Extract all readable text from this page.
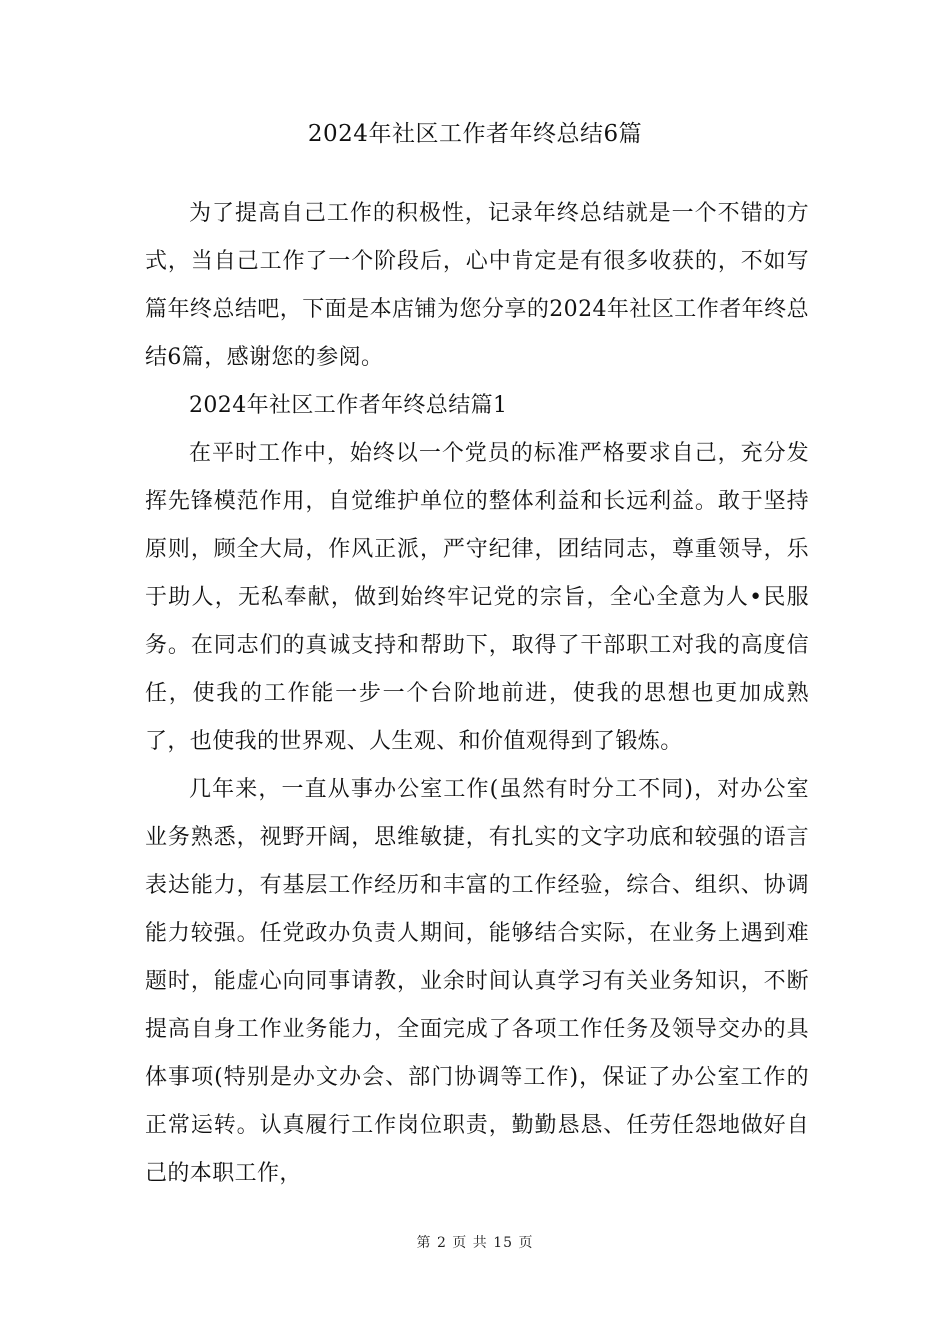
2024年社区工作者年终总结6篇

为了提高自己工作的积极性，记录年终总结就是一个不错的方式，当自己工作了一个阶段后，心中肯定是有很多收获的，不如写篇年终总结吧，下面是本店铺为您分享的2024年社区工作者年终总结6篇，感谢您的参阅。

2024年社区工作者年终总结篇1

在平时工作中，始终以一个党员的标准严格要求自己，充分发挥先锋模范作用，自觉维护单位的整体利益和长远利益。敢于坚持原则，顾全大局，作风正派，严守纪律，团结同志，尊重领导，乐于助人，无私奉献，做到始终牢记党的宗旨，全心全意为人•民服务。在同志们的真诚支持和帮助下，取得了干部职工对我的高度信任，使我的工作能一步一个台阶地前进，使我的思想也更加成熟了，也使我的世界观、人生观、和价值观得到了锻炼。

几年来，一直从事办公室工作(虽然有时分工不同)，对办公室业务熟悉，视野开阔，思维敏捷，有扎实的文字功底和较强的语言表达能力，有基层工作经历和丰富的工作经验，综合、组织、协调能力较强。任党政办负责人期间，能够结合实际，在业务上遇到难题时，能虚心向同事请教，业余时间认真学习有关业务知识，不断提高自身工作业务能力，全面完成了各项工作任务及领导交办的具体事项(特别是办文办会、部门协调等工作)，保证了办公室工作的正常运转。认真履行工作岗位职责，勤勤恳恳、任劳任怨地做好自己的本职工作，

第 2 页 共 15 页
